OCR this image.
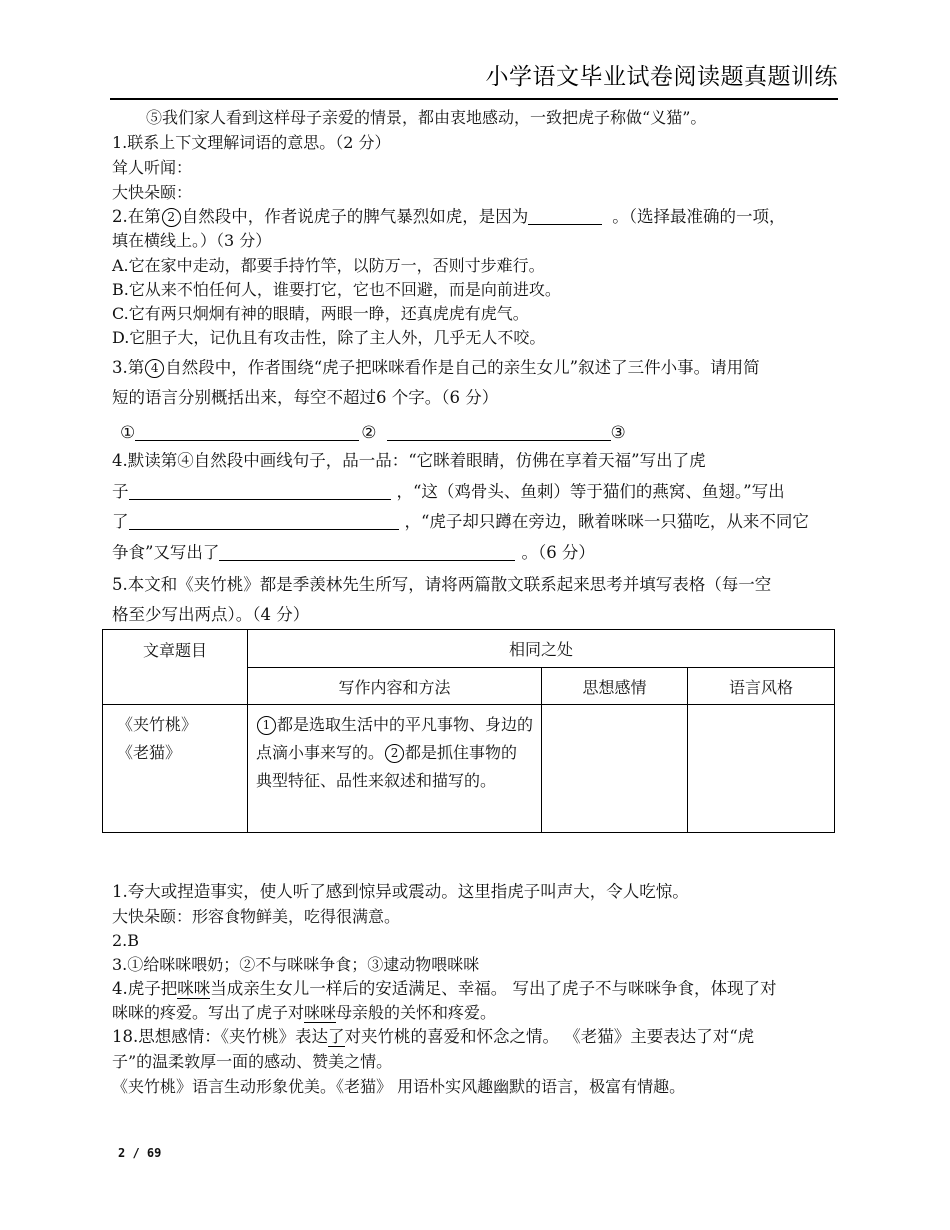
小学语文毕业试卷阅读题真题训练
⑤我们家人看到这样母子亲爱的情景，都由衷地感动，一致把虎子称做“义猫”。
1.联系上下文理解词语的意思。（2 分）
耸人听闻：
大快朵颐：
2.在第 2 自然段中，作者说虎子的脾气暴烈如虎，是因为	。（选择最准确的一项，
填在横线上。）（3 分）
A.它在家中走动，都要手持竹竿，以防万一，否则寸步难行。
B.它从来不怕任何人，谁要打它，它也不回避，而是向前进攻。
C.它有两只炯炯有神的眼睛，两眼一睁，还真虎虎有虎气。
D.它胆子大，记仇且有攻击性，除了主人外，几乎无人不咬。
3.第 4 自然段中，作者围绕“虎子把咪咪看作是自己的亲生女儿”叙述了三件小事。请用简
短的语言分别概括出来，每空不超过6 个字。（6 分）
①	②	③
4.默读第④自然段中画线句子，品一品：“它眯着眼睛，仿佛在享着天福”写出了虎
子	，“这（鸡骨头、鱼刺）等于猫们的燕窝、鱼翅。”写出
了	，“虎子却只蹲在旁边，瞅着咪咪一只猫吃，从来不同它
争食”又写出了	。（6 分）
5.本文和《夹竹桃》都是季羡林先生所写，请将两篇散文联系起来思考并填写表格（每一空
格至少写出两点）。（4 分）
文章题目	相同之处		
	写作内容和方法	思想感情	语言风格

《夹竹桃》
《老猫》	1 都是选取生活中的平凡事物、身边的点滴小事来写的。 2 都是抓住事物的典型特征、品性来叙述和描写的。		
1.夸大或捏造事实，使人听了感到惊异或震动。这里指虎子叫声大，令人吃惊。
大快朵颐：形容食物鲜美，吃得很满意。
2.B
3.①给咪咪喂奶；②不与咪咪争食；③逮动物喂咪咪
4.虎子把咪咪当成亲生女儿一样后的安适满足、幸福。 写出了虎子不与咪咪争食，体现了对
咪咪的疼爱。写出了虎子对咪咪母亲般的关怀和疼爱。
18.思想感情：《夹竹桃》表达了对夹竹桃的喜爱和怀念之情。 《老猫》主要表达了对“虎
子”的温柔敦厚一面的感动、赞美之情。
《夹竹桃》语言生动形象优美。《老猫》 用语朴实风趣幽默的语言，极富有情趣。
2 / 69
